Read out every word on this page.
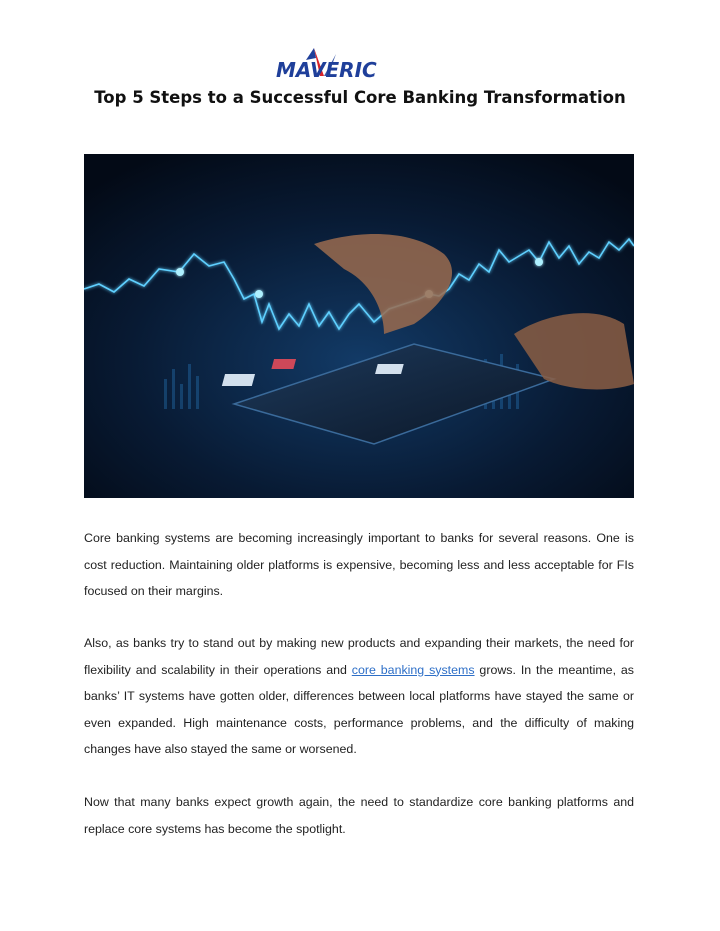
MAVERIC
Top 5 Steps to a Successful Core Banking Transformation

Core banking systems are becoming increasingly important to banks for several reasons. One is cost reduction. Maintaining older platforms is expensive, becoming less and less acceptable for FIs focused on their margins.

Also, as banks try to stand out by making new products and expanding their markets, the need for flexibility and scalability in their operations and core banking systems grows. In the meantime, as banks’ IT systems have gotten older, differences between local platforms have stayed the same or even expanded. High maintenance costs, performance problems, and the difficulty of making changes have also stayed the same or worsened.

Now that many banks expect growth again, the need to standardize core banking platforms and replace core systems has become the spotlight.
